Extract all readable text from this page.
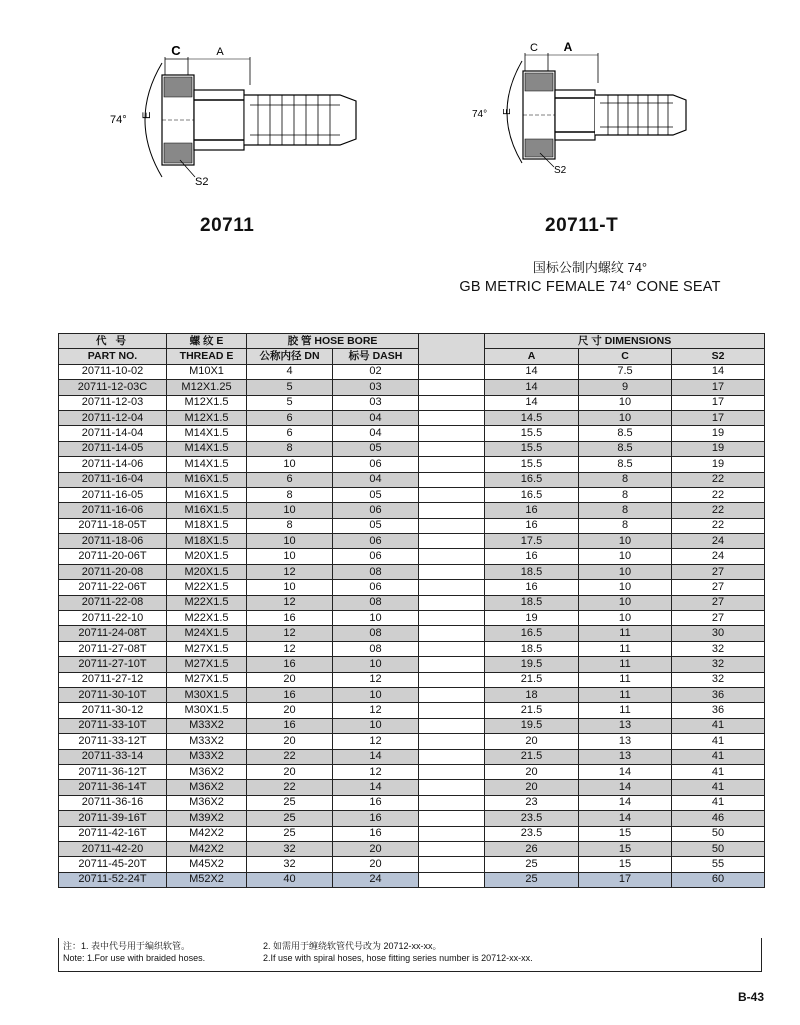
C	A
74° E
S2
C A
74° E
S2
20711	20711-T
国标公制内螺纹 74°
GB METRIC FEMALE 74° CONE SEAT
代 号	螺 纹 E	胶 管 HOSE BORE			尺 寸 DIMENSIONS		
PART NO.	THREAD E	公称内径 DN	标号 DASH		A	C	S2
20711-10-02	M10X1	4	02		14	7.5	14
20711-12-03C	M12X1.25	5	03		14	9	17
20711-12-03	M12X1.5	5	03		14	10	17
20711-12-04	M12X1.5	6	04		14.5	10	17
20711-14-04	M14X1.5	6	04		15.5	8.5	19
20711-14-05	M14X1.5	8	05		15.5	8.5	19
20711-14-06	M14X1.5	10	06		15.5	8.5	19
20711-16-04	M16X1.5	6	04		16.5	8	22
20711-16-05	M16X1.5	8	05		16.5	8	22
20711-16-06	M16X1.5	10	06		16	8	22
20711-18-05T	M18X1.5	8	05		16	8	22
20711-18-06	M18X1.5	10	06		17.5	10	24
20711-20-06T	M20X1.5	10	06		16	10	24
20711-20-08	M20X1.5	12	08		18.5	10	27
20711-22-06T	M22X1.5	10	06		16	10	27
20711-22-08	M22X1.5	12	08		18.5	10	27
20711-22-10	M22X1.5	16	10		19	10	27
20711-24-08T	M24X1.5	12	08		16.5	11	30
20711-27-08T	M27X1.5	12	08		18.5	11	32
20711-27-10T	M27X1.5	16	10		19.5	11	32
20711-27-12	M27X1.5	20	12		21.5	11	32
20711-30-10T	M30X1.5	16	10		18	11	36
20711-30-12	M30X1.5	20	12		21.5	11	36
20711-33-10T	M33X2	16	10		19.5	13	41
20711-33-12T	M33X2	20	12		20	13	41
20711-33-14	M33X2	22	14		21.5	13	41
20711-36-12T	M36X2	20	12		20	14	41
20711-36-14T	M36X2	22	14		20	14	41
20711-36-16	M36X2	25	16		23	14	41
20711-39-16T	M39X2	25	16		23.5	14	46
20711-42-16T	M42X2	25	16		23.5	15	50
20711-42-20	M42X2	32	20		26	15	50
20711-45-20T	M45X2	32	20		25	15	55
20711-52-24T	M52X2	40	24		25	17	60
注：1. 表中代号用于编织软管。	2. 如需用于缠绕软管代号改为 20712-xx-xx。
Note: 1.For use with braided hoses.	2.If use with spiral hoses, hose fitting series number is 20712-xx-xx.
B-43
